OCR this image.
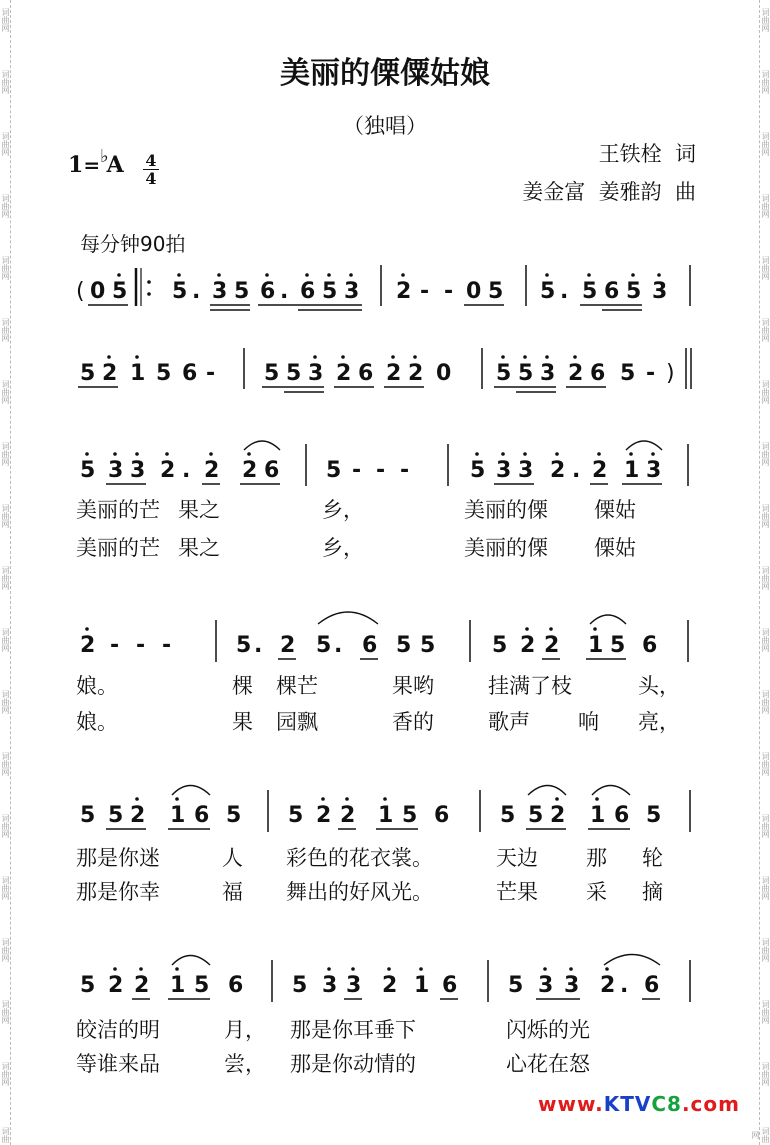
词曲网
词曲网
词曲网
词曲网
词曲网
词曲网
词曲网
词曲网
词曲网
词曲网
词曲网
词曲网
词曲网
词曲网
词曲网
词曲网
词曲网
词曲网
词曲
词曲网
词曲网
词曲网
词曲网
词曲网
词曲网
词曲网
词曲网
词曲网
词曲网
词曲网
词曲网
词曲网
词曲网
词曲网
词曲网
词曲网
词曲网
词曲网
美丽的傈僳姑娘
（独唱）
王铁栓  词
姜金富  姜雅韵  曲
1=♭A 4
4
每分钟90拍
( 0 5 5 . 3 5 6 . 6 5 3 2 - - 0 5 5 . 5 6 5 3
5 2 1 5 6 - 5 5 3 2 6 2 2 0 5 5 3 2 6 5 - )
5 3 3 2 . 2 2 6 5 - - -	5 3 3 2 . 2 1 3
2 - - -	5 . 2 5 . 6 5 5	5 2 2 1 5 6
5 5 2 1 6 5 5 2 2 1 5 6 5 5 2 1 6 5
5 2 2 1 5 6 5 3 3 2 1 6 5 3 3 2 . 6
美丽的芒 果之	乡，	美丽的傈 傈姑
美丽的芒 果之	乡，	美丽的傈 傈姑
娘。	棵 棵芒	果哟	挂满了枝	头，
娘。	果 园飘	香的	歌声 响 亮，
那是你迷	人 彩色的花衣裳。	天边 那 轮
那是你幸	福 舞出的好风光。	芒果 采 摘
皎洁的明	月， 那是你耳垂下	闪烁的光
等谁来品	尝， 那是你动情的	心花在怒
www.KTVC8.com
